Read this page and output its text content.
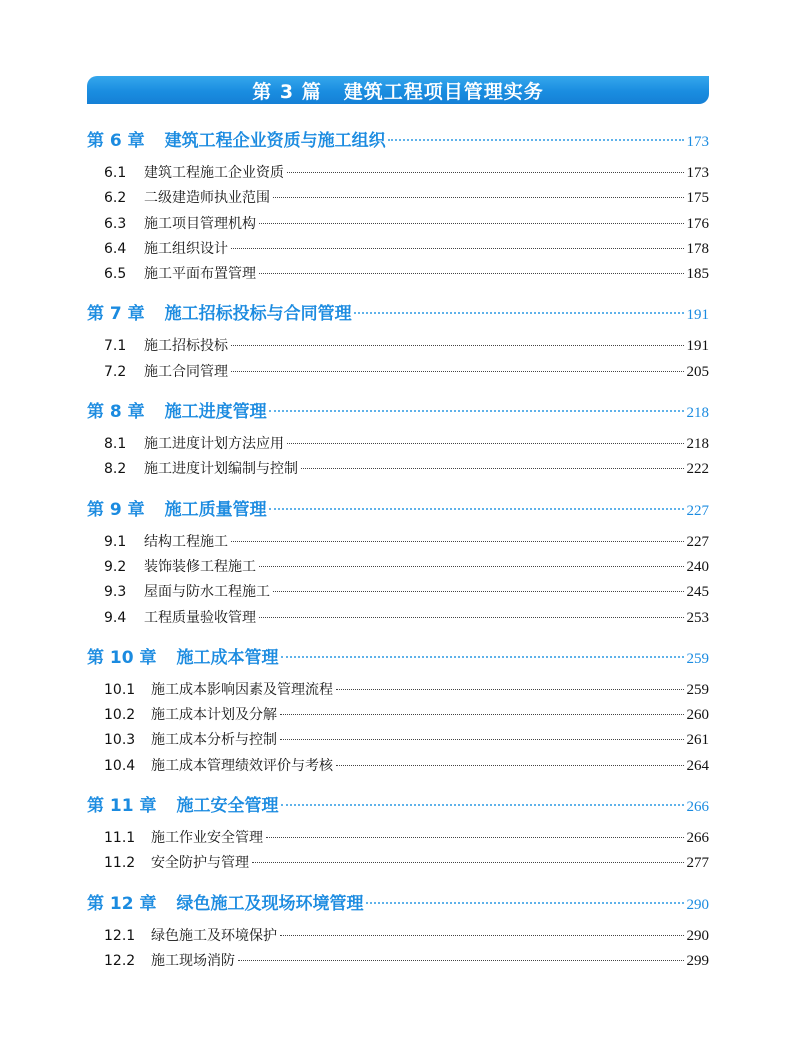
第 3 篇 建筑工程项目管理实务
第 6 章 建筑工程企业资质与施工组织	173
6.1	建筑工程施工企业资质	173
6.2	二级建造师执业范围	175
6.3	施工项目管理机构	176
6.4	施工组织设计	178
6.5	施工平面布置管理	185
第 7 章 施工招标投标与合同管理	191
7.1	施工招标投标	191
7.2	施工合同管理	205
第 8 章 施工进度管理	218
8.1	施工进度计划方法应用	218
8.2	施工进度计划编制与控制	222
第 9 章 施工质量管理	227
9.1	结构工程施工	227
9.2	装饰装修工程施工	240
9.3	屋面与防水工程施工	245
9.4	工程质量验收管理	253
第 10 章 施工成本管理	259
10.1	施工成本影响因素及管理流程	259
10.2	施工成本计划及分解	260
10.3	施工成本分析与控制	261
10.4	施工成本管理绩效评价与考核	264
第 11 章 施工安全管理	266
11.1	施工作业安全管理	266
11.2	安全防护与管理	277
第 12 章 绿色施工及现场环境管理	290
12.1	绿色施工及环境保护	290
12.2	施工现场消防	299
